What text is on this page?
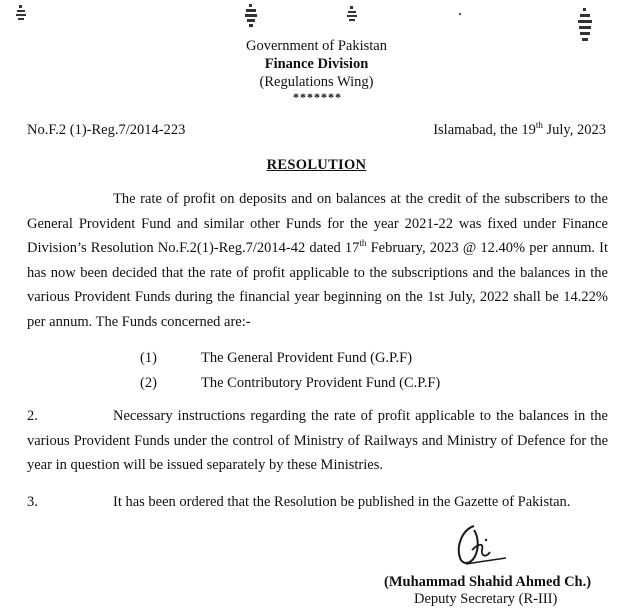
Government of Pakistan
Finance Division
(Regulations Wing)
*******
No.F.2 (1)-Reg.7/2014-223	Islamabad, the 19th July, 2023
RESOLUTION
The rate of profit on deposits and on balances at the credit of the subscribers to the General Provident Fund and similar other Funds for the year 2021-22 was fixed under Finance Division’s Resolution No.F.2(1)-Reg.7/2014-42 dated 17th February, 2023 @ 12.40% per annum. It has now been decided that the rate of profit applicable to the subscriptions and the balances in the various Provident Funds during the financial year beginning on the 1st July, 2022 shall be 14.22% per annum. The Funds concerned are:-
(1)	The General Provident Fund (G.P.F)
(2)	The Contributory Provident Fund (C.P.F)
2.	Necessary instructions regarding the rate of profit applicable to the balances in the various Provident Funds under the control of Ministry of Railways and Ministry of Defence for the year in question will be issued separately by these Ministries.
3.	It has been ordered that the Resolution be published in the Gazette of Pakistan.
(Muhammad Shahid Ahmed Ch.)
Deputy Secretary (R-III)
